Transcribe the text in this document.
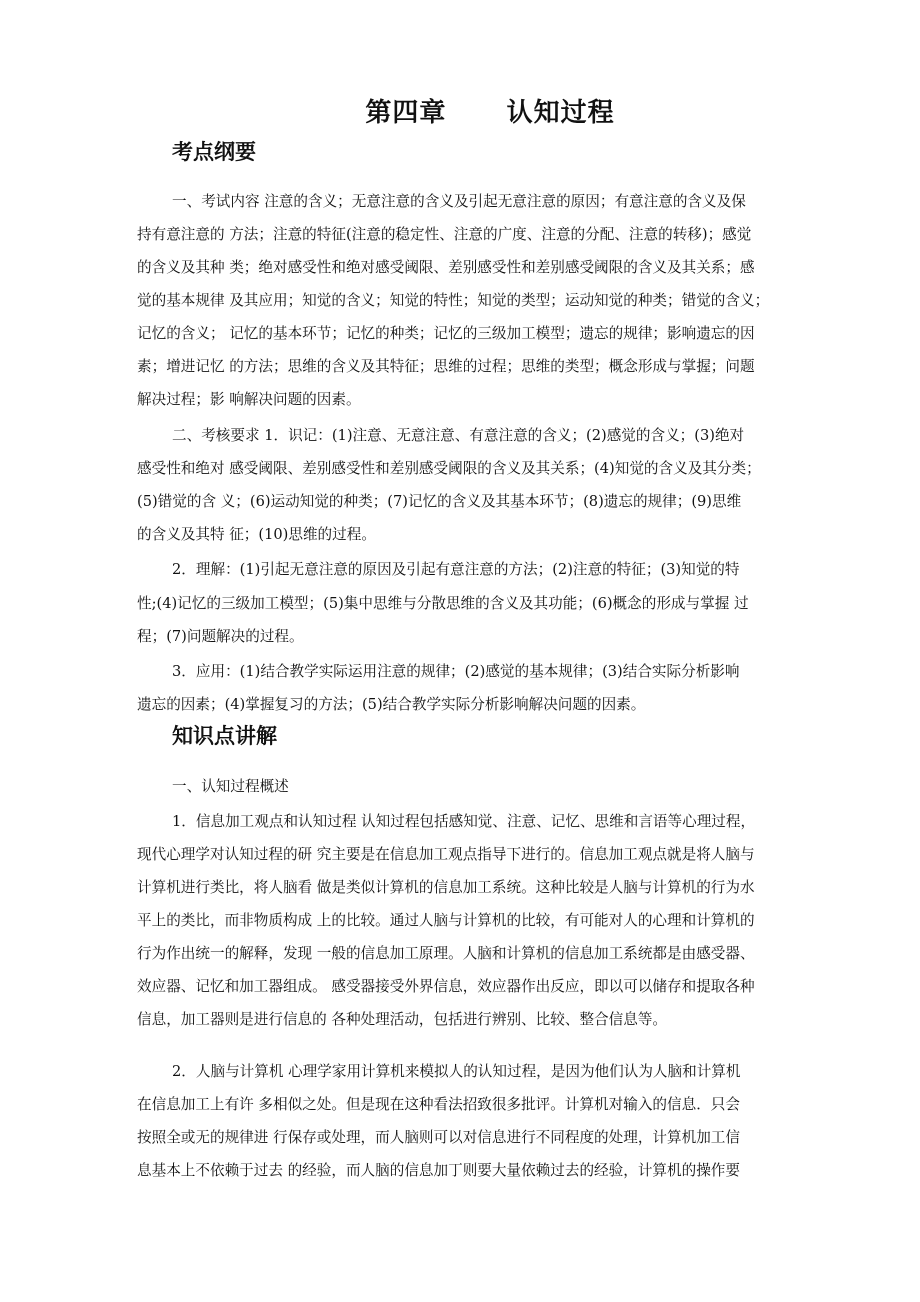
第四章      认知过程
考点纲要
一、考试内容 注意的含义；无意注意的含义及引起无意注意的原因；有意注意的含义及保
持有意注意的 方法；注意的特征(注意的稳定性、注意的广度、注意的分配、注意的转移)；感觉
的含义及其种 类；绝对感受性和绝对感受阈限、差别感受性和差别感受阈限的含义及其关系；感
觉的基本规律 及其应用；知觉的含义；知觉的特性；知觉的类型；运动知觉的种类；错觉的含义；
记忆的含义； 记忆的基本环节；记忆的种类；记忆的三级加工模型；遗忘的规律；影响遗忘的因
素；增进记忆 的方法；思维的含义及其特征；思维的过程；思维的类型；概念形成与掌握；问题
解决过程；影 响解决问题的因素。
二、考核要求 1．识记：(1)注意、无意注意、有意注意的含义；(2)感觉的含义；(3)绝对
感受性和绝对 感受阈限、差别感受性和差别感受阈限的含义及其关系；(4)知觉的含义及其分类；
(5)错觉的含 义；(6)运动知觉的种类；(7)记忆的含义及其基本环节；(8)遗忘的规律；(9)思维
的含义及其特 征；(10)思维的过程。
2．理解：(1)引起无意注意的原因及引起有意注意的方法；(2)注意的特征；(3)知觉的特
性;(4)记忆的三级加工模型；(5)集中思维与分散思维的含义及其功能；(6)概念的形成与掌握 过
程；(7)问题解决的过程。
3．应用：(1)结合教学实际运用注意的规律；(2)感觉的基本规律；(3)结合实际分析影响
遗忘的因素；(4)掌握复习的方法；(5)结合教学实际分析影响解决问题的因素。
知识点讲解
一、认知过程概述
1．信息加工观点和认知过程 认知过程包括感知觉、注意、记忆、思维和言语等心理过程，
现代心理学对认知过程的研 究主要是在信息加工观点指导下进行的。信息加工观点就是将人脑与
计算机进行类比，将人脑看 做是类似计算机的信息加工系统。这种比较是人脑与计算机的行为水
平上的类比，而非物质构成 上的比较。通过人脑与计算机的比较，有可能对人的心理和计算机的
行为作出统一的解释，发现 一般的信息加工原理。人脑和计算机的信息加工系统都是由感受器、
效应器、记忆和加工器组成。 感受器接受外界信息，效应器作出反应，即以可以储存和提取各种
信息，加工器则是进行信息的 各种处理活动，包括进行辨别、比较、整合信息等。
2．人脑与计算机 心理学家用计算机来模拟人的认知过程，是因为他们认为人脑和计算机
在信息加工上有许 多相似之处。但是现在这种看法招致很多批评。计算机对输入的信息．只会
按照全或无的规律进 行保存或处理，而人脑则可以对信息进行不同程度的处理，计算机加工信
息基本上不依赖于过去 的经验，而人脑的信息加丁则要大量依赖过去的经验，计算机的操作要
